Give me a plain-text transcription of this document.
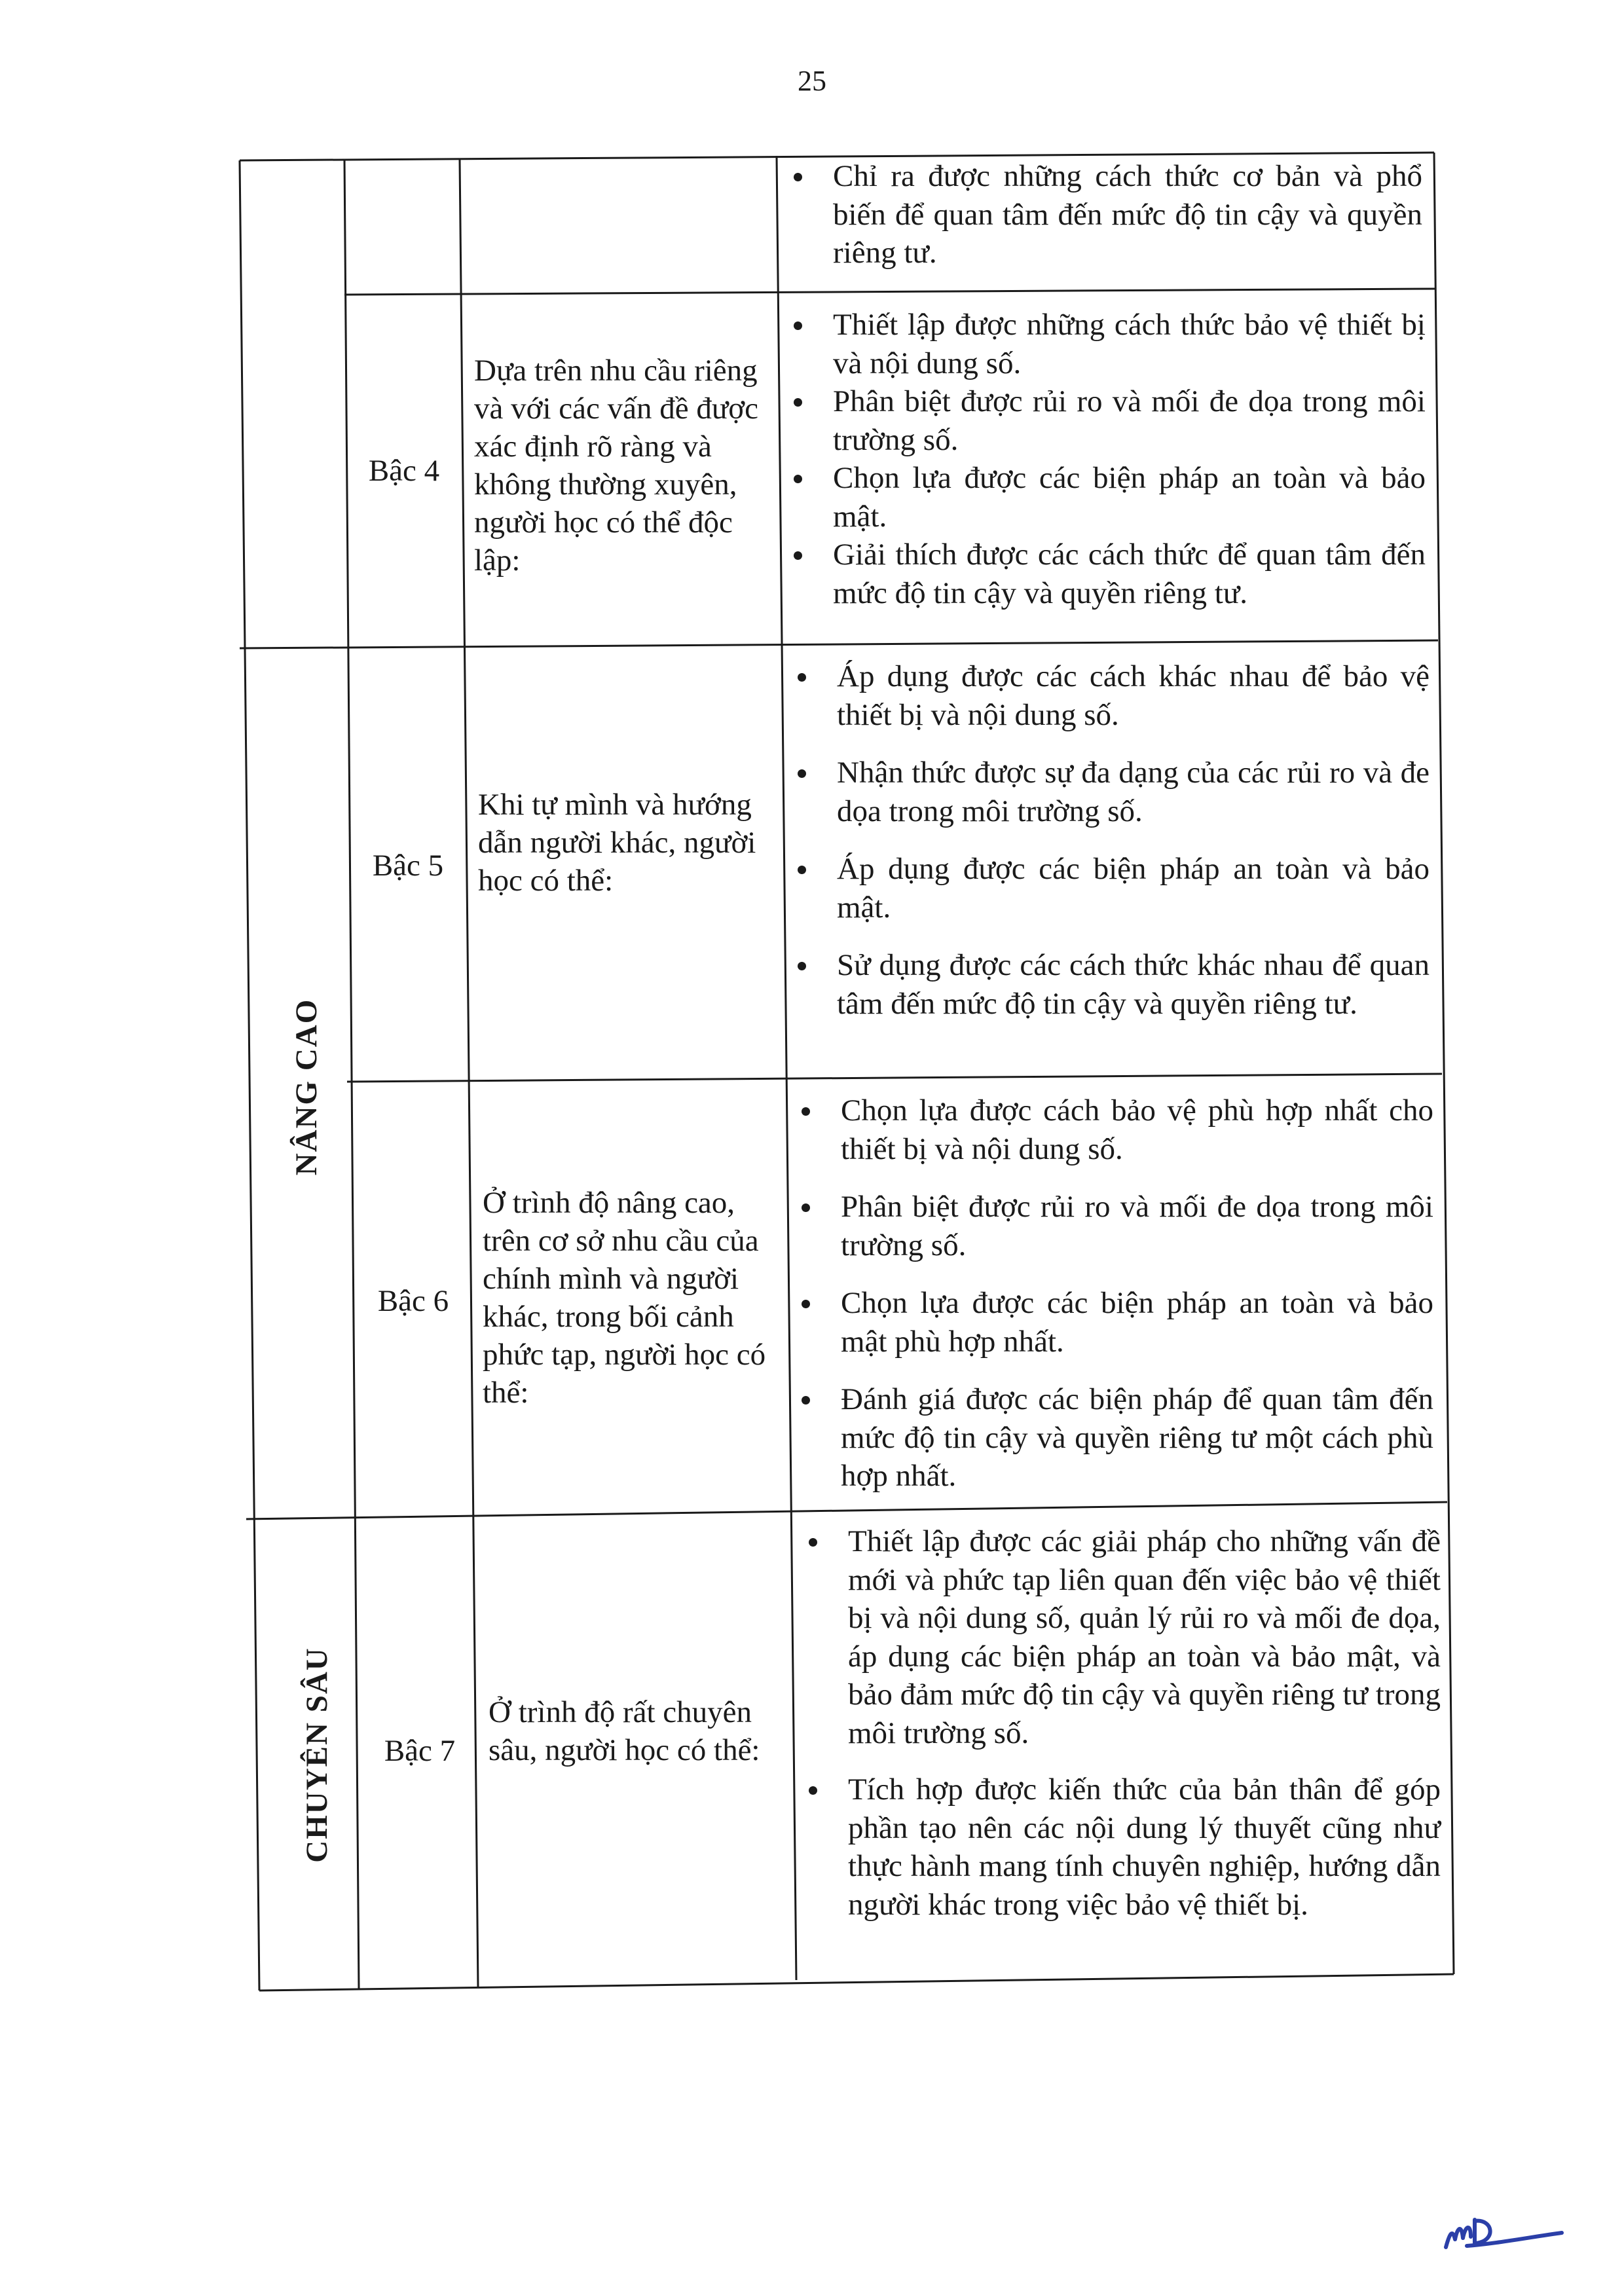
25
NÂNG CAO
CHUYÊN SÂU
Chỉ ra được những cách thức cơ bản và phổ biến để quan tâm đến mức độ tin cậy và quyền riêng tư.
Bậc 4
Dựa trên nhu cầu riêng và với các vấn đề được xác định rõ ràng và không thường xuyên, người học có thể độc lập:
Thiết lập được những cách thức bảo vệ thiết bị và nội dung số.
Phân biệt được rủi ro và mối đe dọa trong môi trường số.
Chọn lựa được các biện pháp an toàn và bảo mật.
Giải thích được các cách thức để quan tâm đến mức độ tin cậy và quyền riêng tư.
Bậc 5
Khi tự mình và hướng dẫn người khác, người học có thể:
Áp dụng được các cách khác nhau để bảo vệ thiết bị và nội dung số.
Nhận thức được sự đa dạng của các rủi ro và đe dọa trong môi trường số.
Áp dụng được các biện pháp an toàn và bảo mật.
Sử dụng được các cách thức khác nhau để quan tâm đến mức độ tin cậy và quyền riêng tư.
Bậc 6
Ở trình độ nâng cao, trên cơ sở nhu cầu của chính mình và người khác, trong bối cảnh phức tạp, người học có thể:
Chọn lựa được cách bảo vệ phù hợp nhất cho thiết bị và nội dung số.
Phân biệt được rủi ro và mối đe dọa trong môi trường số.
Chọn lựa được các biện pháp an toàn và bảo mật phù hợp nhất.
Đánh giá được các biện pháp để quan tâm đến mức độ tin cậy và quyền riêng tư một cách phù hợp nhất.
Bậc 7
Ở trình độ rất chuyên sâu, người học có thể:
Thiết lập được các giải pháp cho những vấn đề mới và phức tạp liên quan đến việc bảo vệ thiết bị và nội dung số, quản lý rủi ro và mối đe dọa, áp dụng các biện pháp an toàn và bảo mật, và bảo đảm mức độ tin cậy và quyền riêng tư trong môi trường số.
Tích hợp được kiến thức của bản thân để góp phần tạo nên các nội dung lý thuyết cũng như thực hành mang tính chuyên nghiệp, hướng dẫn người khác trong việc bảo vệ thiết bị.
